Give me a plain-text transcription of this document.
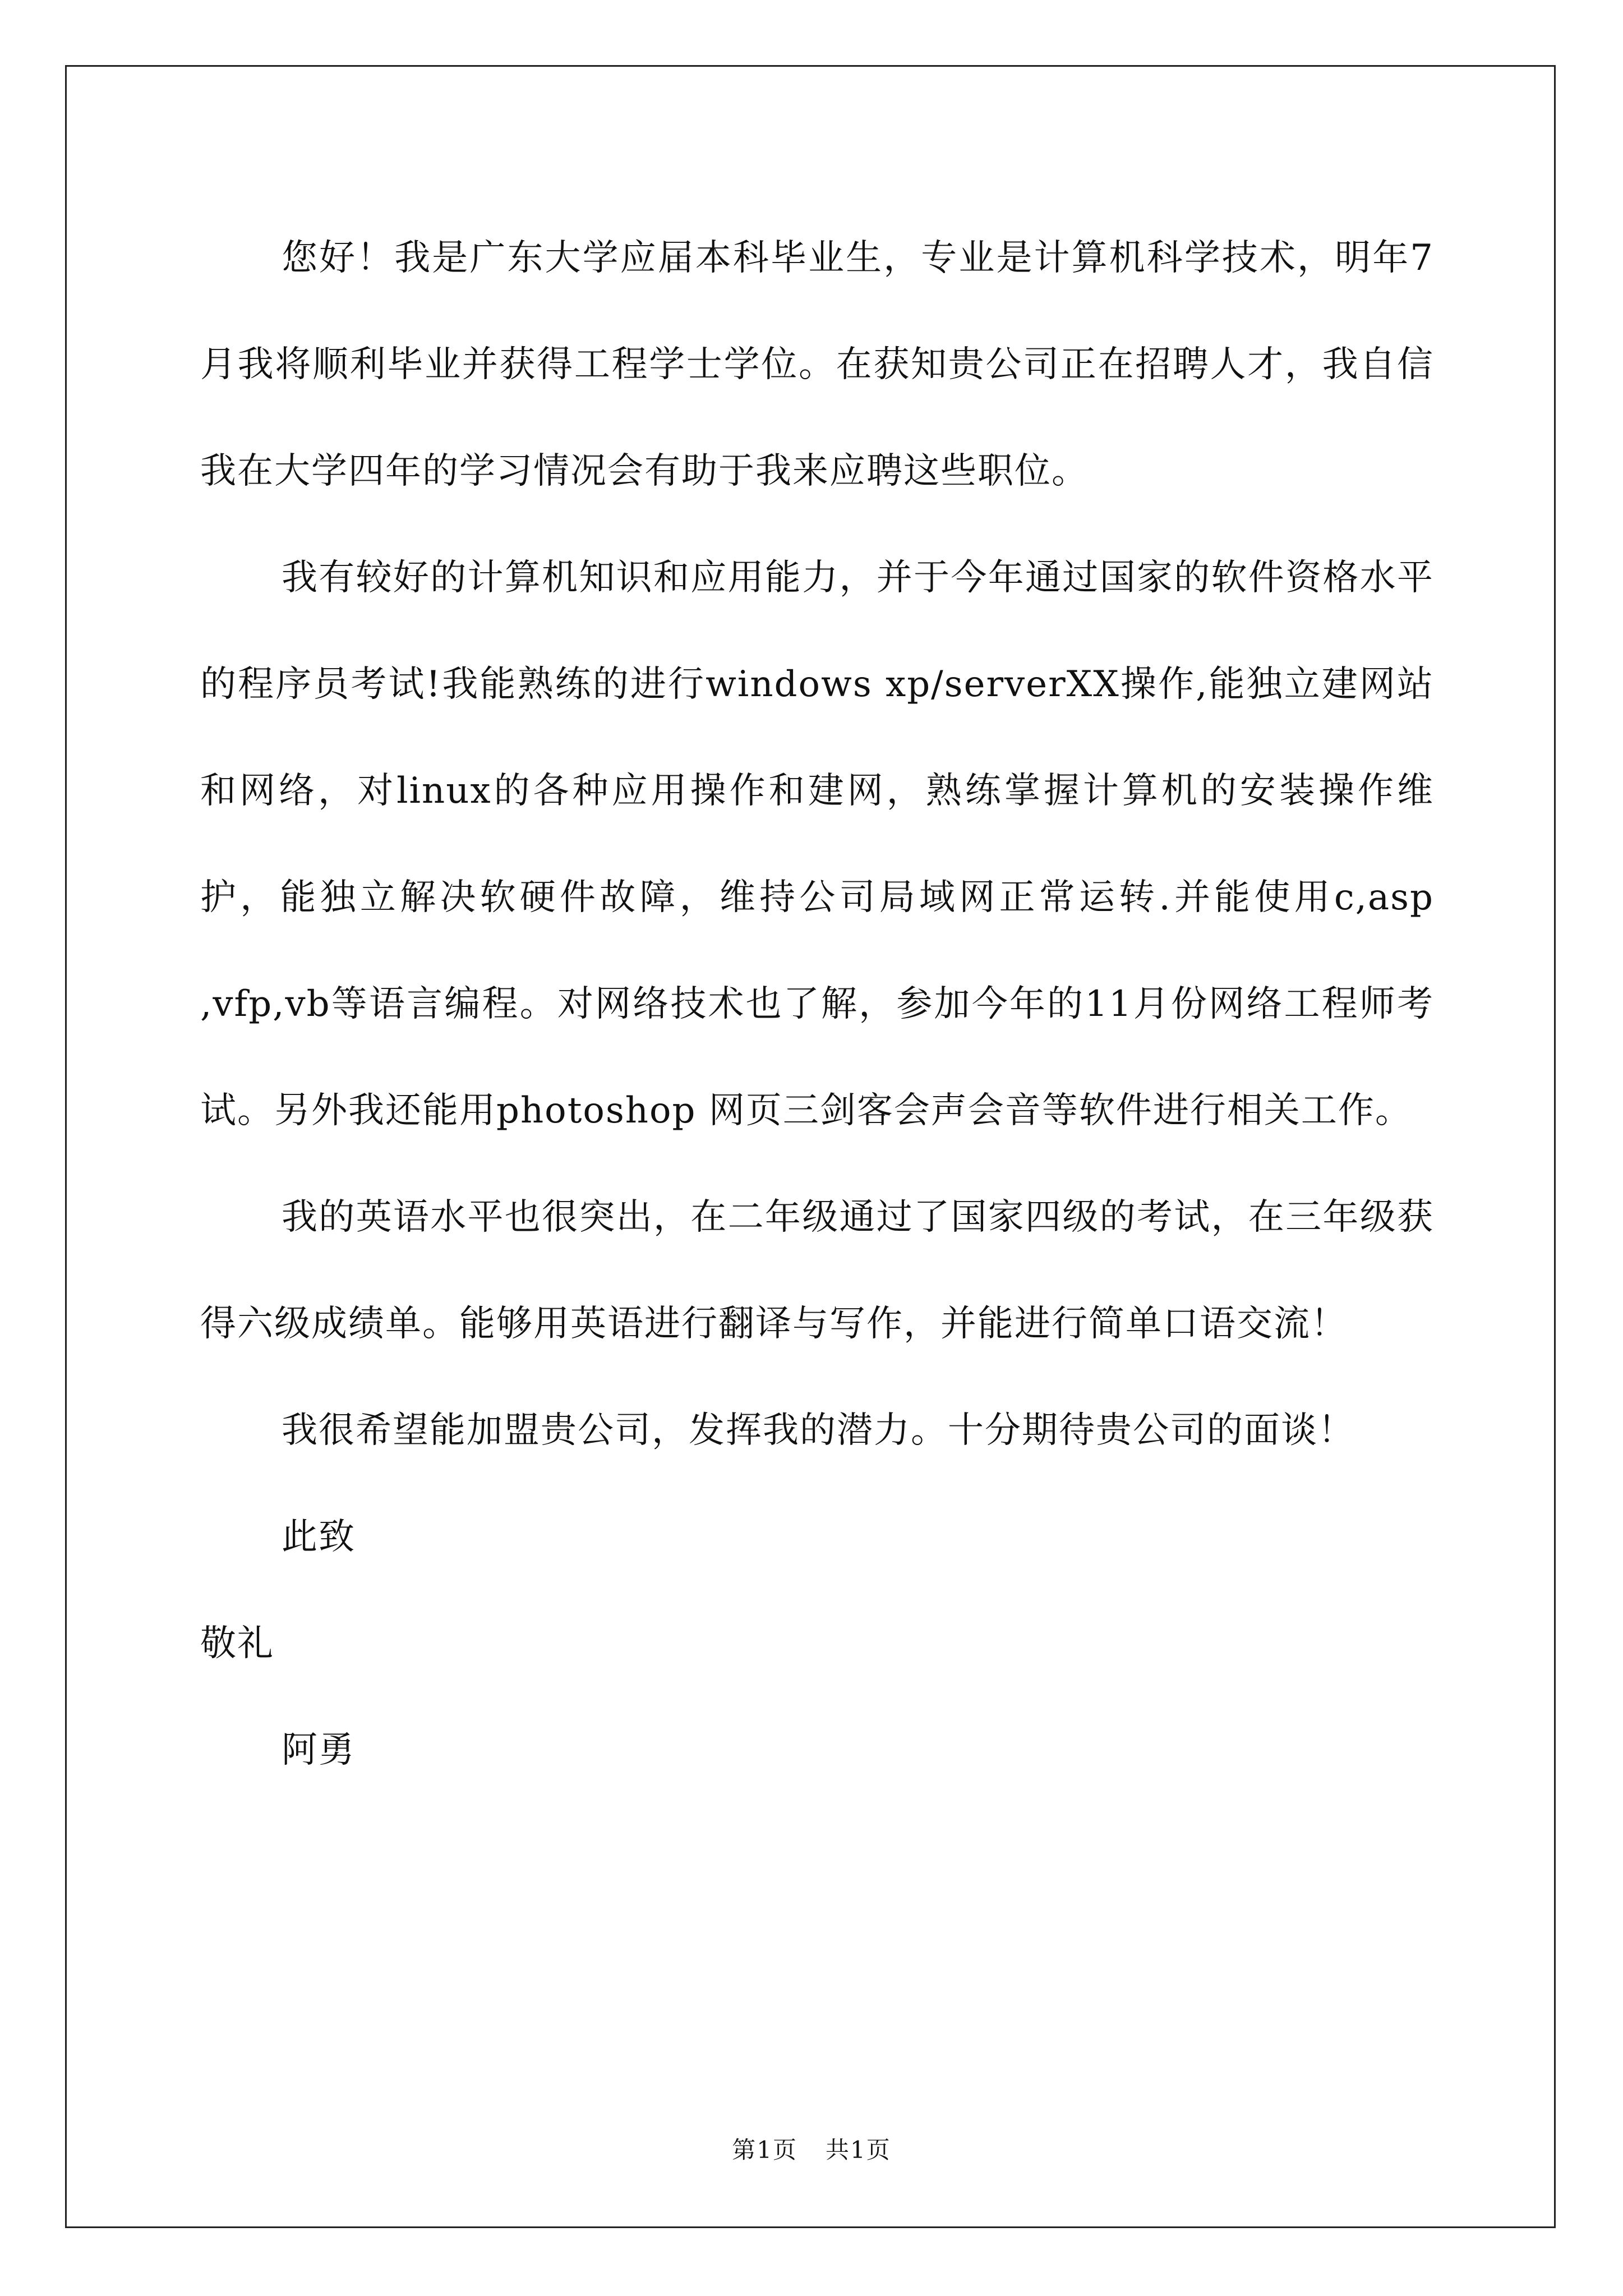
您好！我是广东大学应届本科毕业生，专业是计算机科学技术，明年7月我将顺利毕业并获得工程学士学位。在获知贵公司正在招聘人才，我自信我在大学四年的学习情况会有助于我来应聘这些职位。

我有较好的计算机知识和应用能力，并于今年通过国家的软件资格水平的程序员考试!我能熟练的进行windows xp/serverXX操作,能独立建网站和网络，对linux的各种应用操作和建网，熟练掌握计算机的安装操作维护，能独立解决软硬件故障，维持公司局域网正常运转.并能使用c,asp ,vfp,vb等语言编程。对网络技术也了解，参加今年的11月份网络工程师考试。另外我还能用photoshop 网页三剑客会声会音等软件进行相关工作。

我的英语水平也很突出，在二年级通过了国家四级的考试，在三年级获得六级成绩单。能够用英语进行翻译与写作，并能进行简单口语交流！

我很希望能加盟贵公司，发挥我的潜力。十分期待贵公司的面谈！

此致

敬礼

阿勇

第1页 共1页
